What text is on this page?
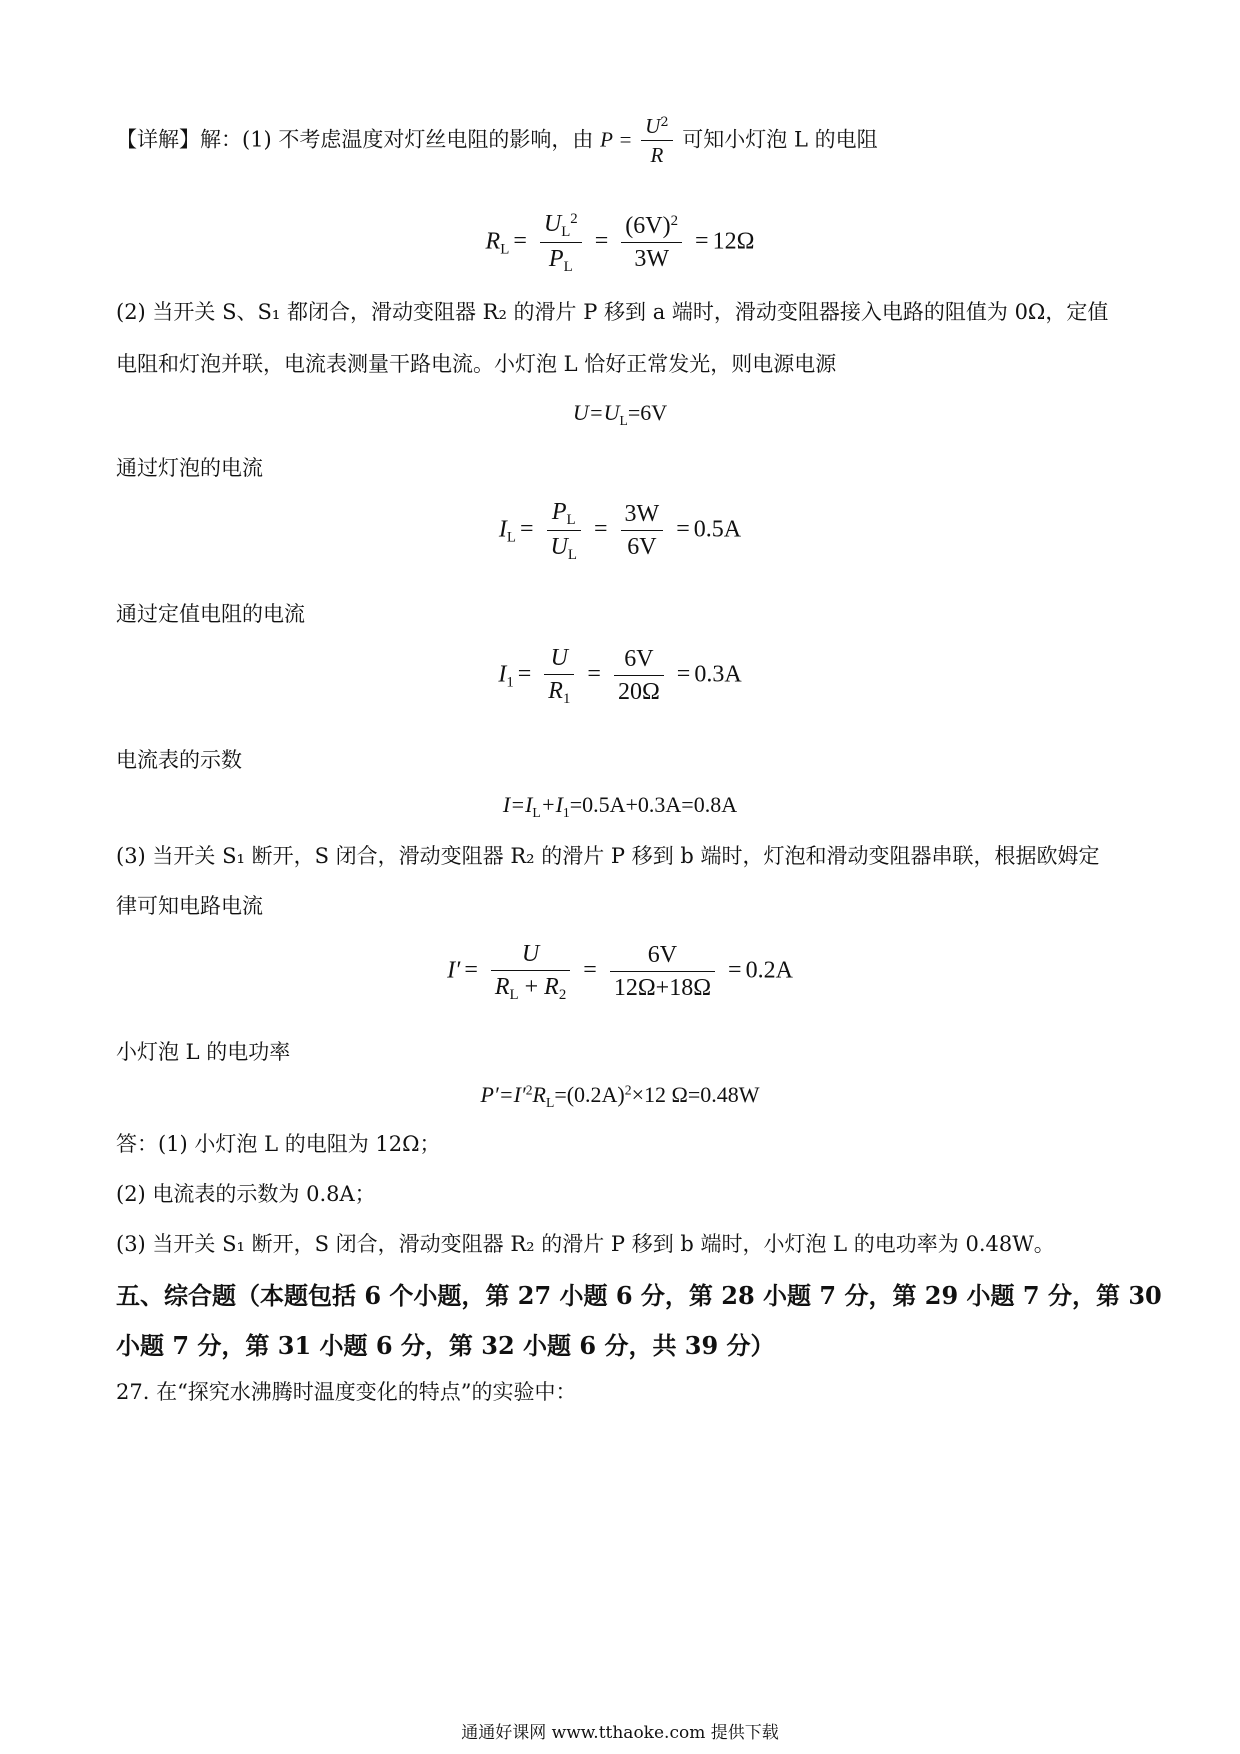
【详解】解：(1) 不考虑温度对灯丝电阻的影响，由 $P = \frac{U^2}{R}$ 可知小灯泡 L 的电阻
$R_L = \frac{U_L^2}{P_L} = \frac{(6V)^2}{3W} = 12\Omega$
(2) 当开关 S、S₁ 都闭合，滑动变阻器 R₂ 的滑片 P 移到 a 端时，滑动变阻器接入电路的阻值为 0Ω，定值
电阻和灯泡并联，电流表测量干路电流。小灯泡 L 恰好正常发光，则电源电源
$U=U_L=6V$
通过灯泡的电流
$I_L = \frac{P_L}{U_L} = \frac{3W}{6V} = 0.5A$
通过定值电阻的电流
$I_1 = \frac{U}{R_1} = \frac{6V}{20\Omega} = 0.3A$
电流表的示数
$I=I_L+I_1=0.5A+0.3A=0.8A$
(3) 当开关 S₁ 断开，S 闭合，滑动变阻器 R₂ 的滑片 P 移到 b 端时，灯泡和滑动变阻器串联，根据欧姆定
律可知电路电流
$I' = \frac{U}{R_L + R_2} = \frac{6V}{12\Omega+18\Omega} = 0.2A$
小灯泡 L 的电功率
$P'=I'^2R_L=(0.2A)^2\times 12$ Ω=0.48W
答：(1) 小灯泡 L 的电阻为 12Ω；
(2) 电流表的示数为 0.8A；
(3) 当开关 S₁ 断开，S 闭合，滑动变阻器 R₂ 的滑片 P 移到 b 端时，小灯泡 L 的电功率为 0.48W。
五、综合题（本题包括 6 个小题，第 27 小题 6 分，第 28 小题 7 分，第 29 小题 7 分，第 30
小题 7 分，第 31 小题 6 分，第 32 小题 6 分，共 39 分）
27. 在“探究水沸腾时温度变化的特点”的实验中：
通通好课网 www.tthaoke.com 提供下载
